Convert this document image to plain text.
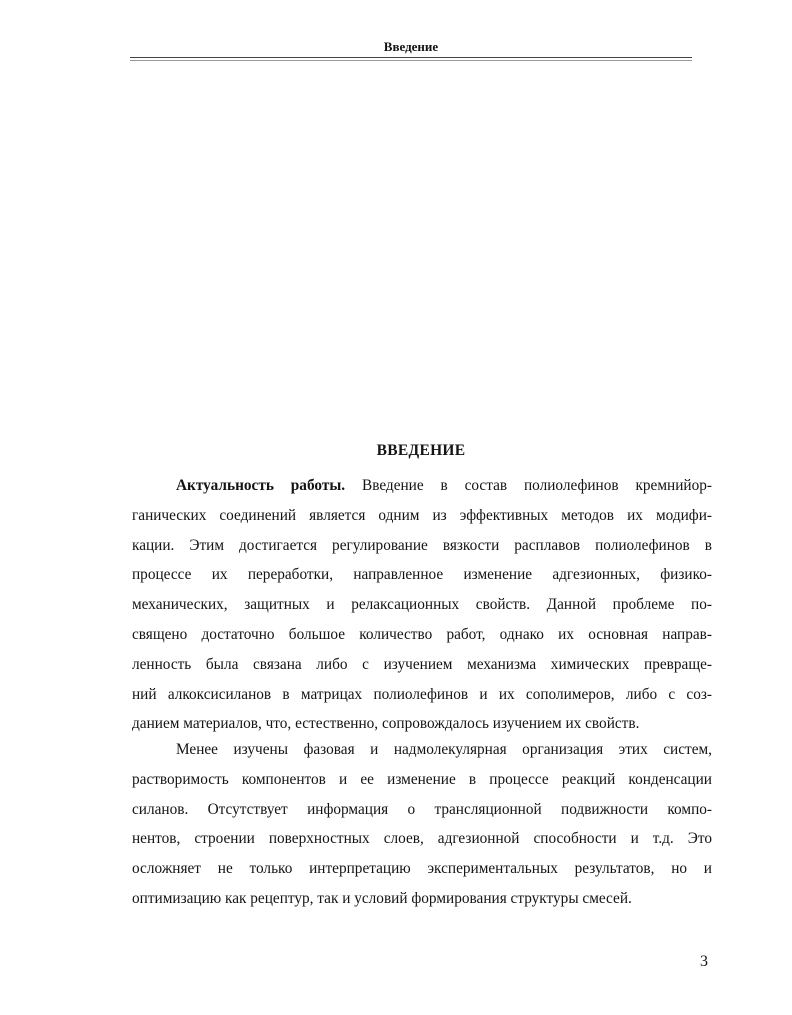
Введение
ВВЕДЕНИЕ
Актуальность работы. Введение в состав полиолефинов кремнийор-
ганических соединений является одним из эффективных методов их модифи-
кации. Этим достигается регулирование вязкости расплавов полиолефинов в
процессе их переработки, направленное изменение адгезионных, физико-
механических, защитных и релаксационных свойств. Данной проблеме по-
священо достаточно большое количество работ, однако их основная направ-
ленность была связана либо с изучением механизма химических превраще-
ний алкоксисиланов в матрицах полиолефинов и их сополимеров, либо с соз-
данием материалов, что, естественно, сопровождалось изучением их свойств.
Менее изучены фазовая и надмолекулярная организация этих систем,
растворимость компонентов и ее изменение в процессе реакций конденсации
силанов. Отсутствует информация о трансляционной подвижности компо-
нентов, строении поверхностных слоев, адгезионной способности и т.д. Это
осложняет не только интерпретацию экспериментальных результатов, но и
оптимизацию как рецептур, так и условий формирования структуры смесей.
3
